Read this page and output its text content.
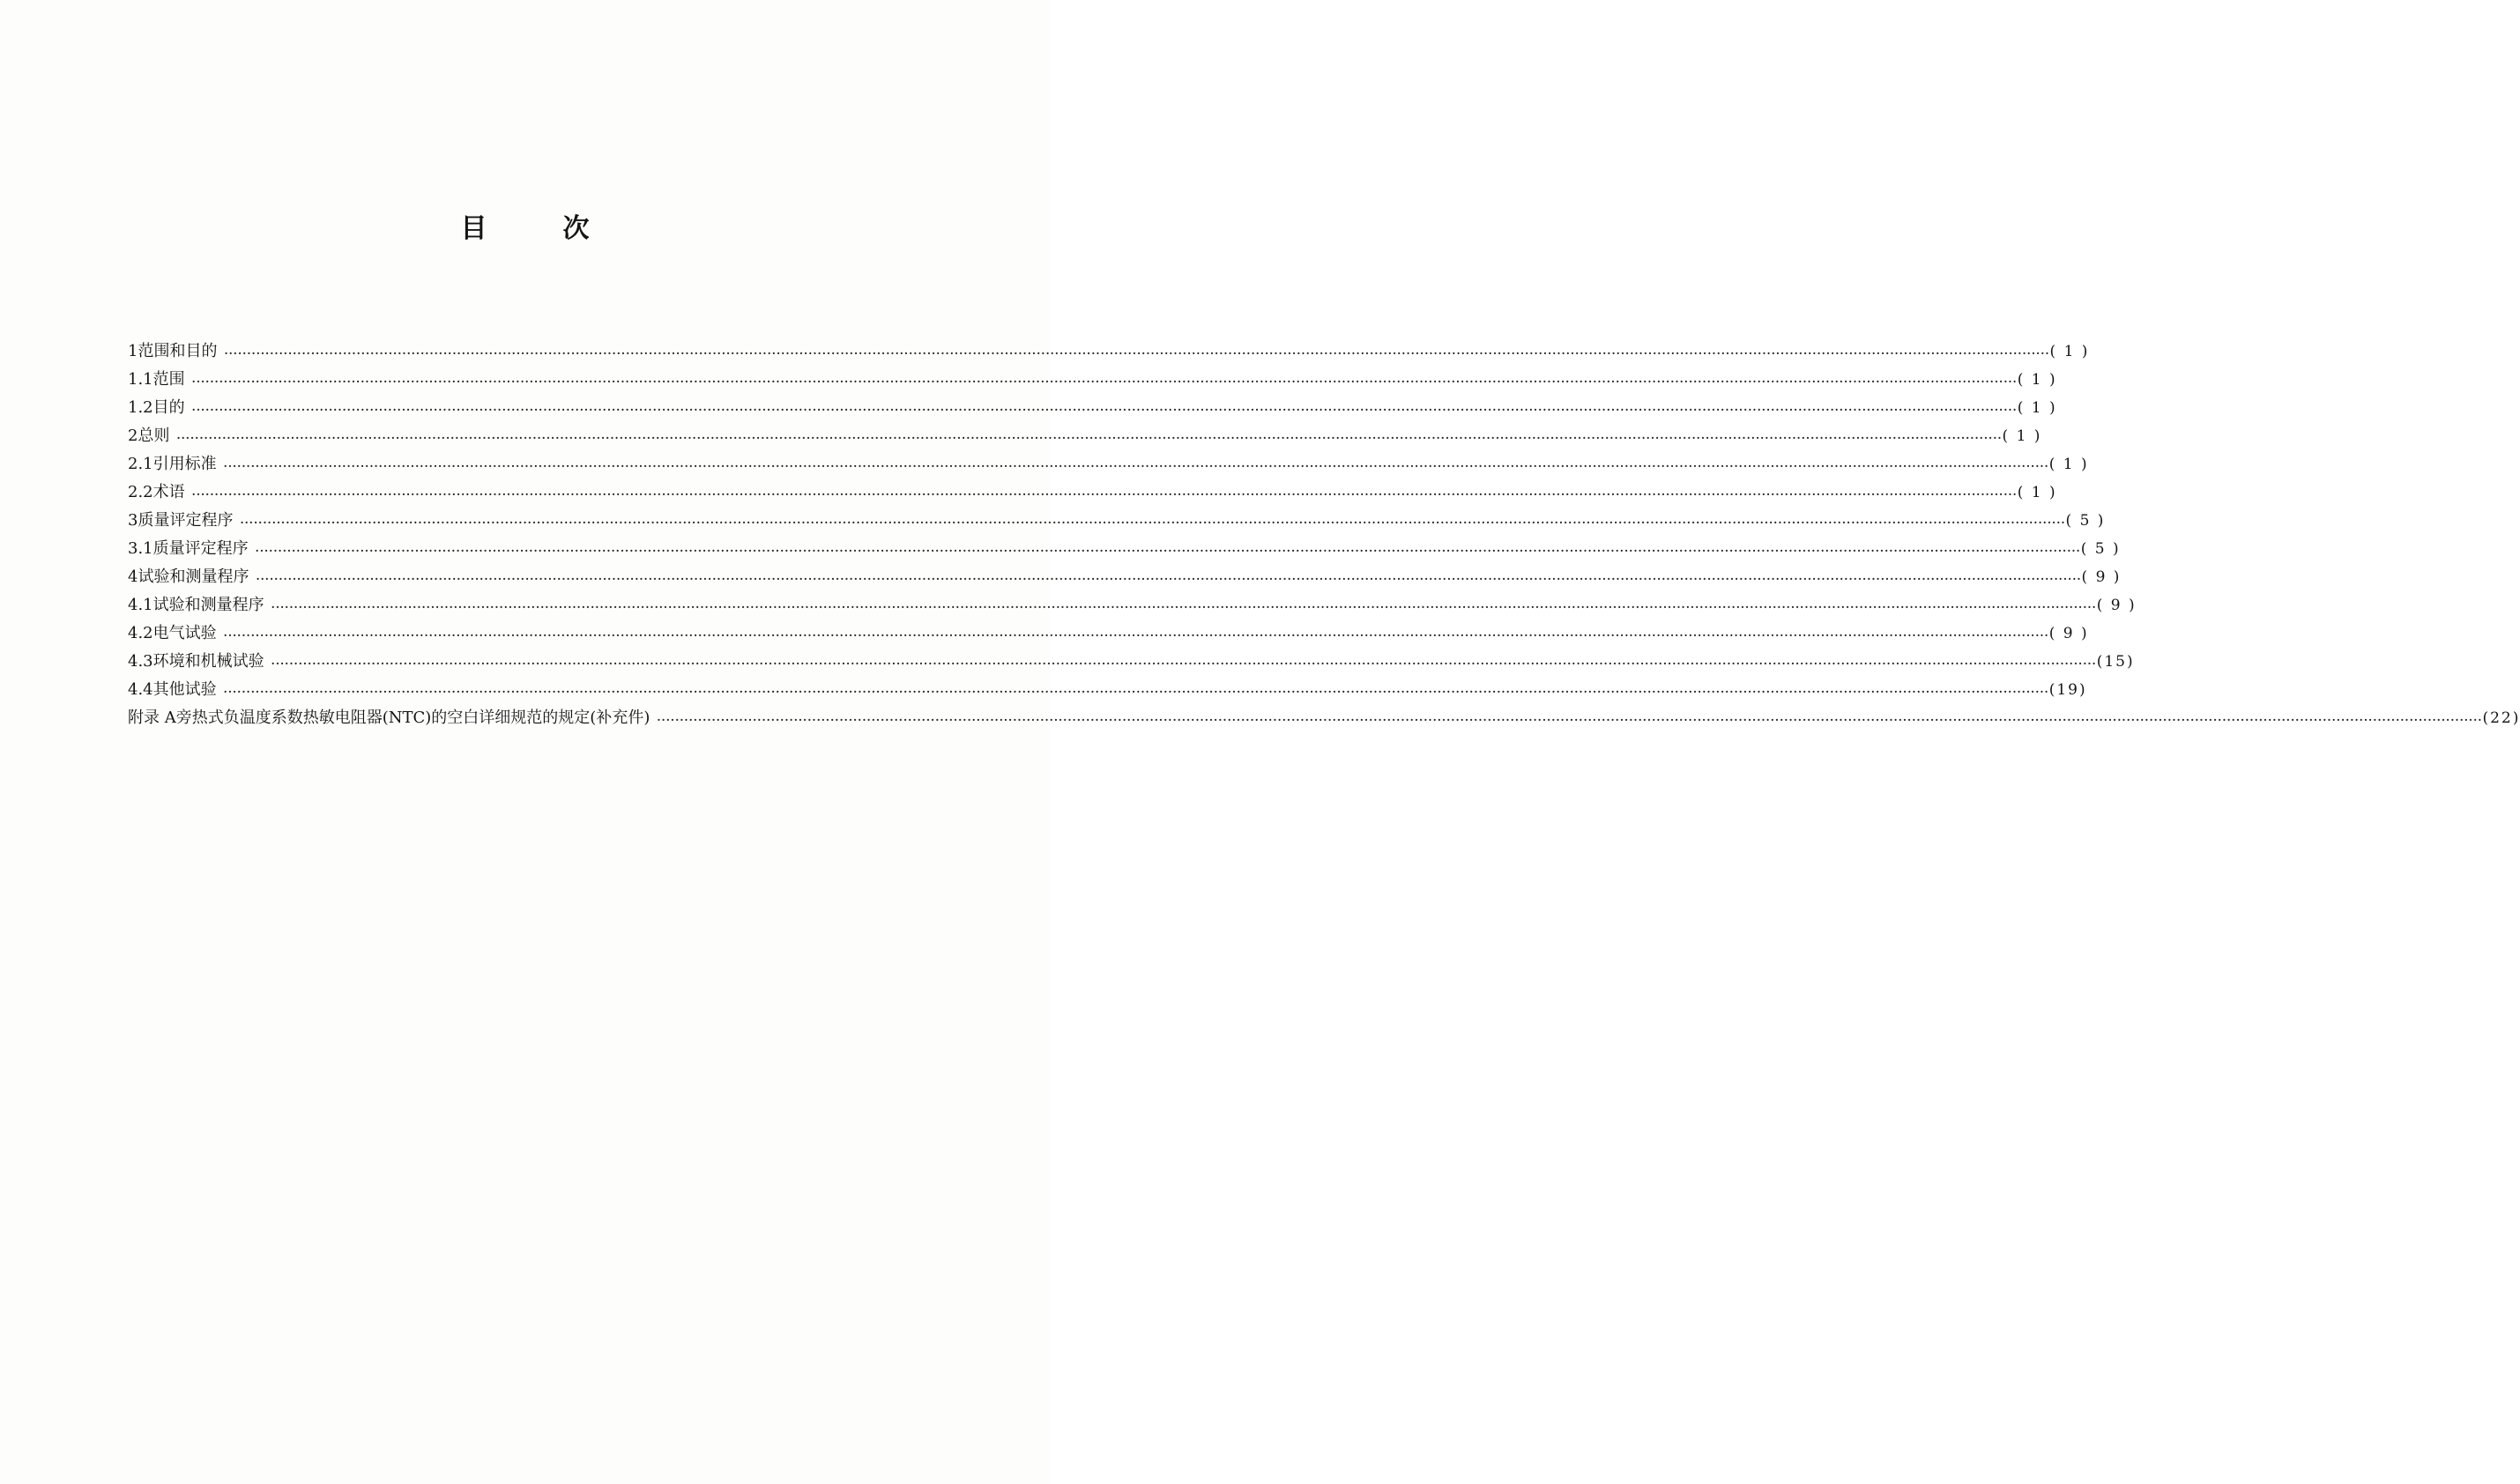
目	次
1 范围和目的 ················································································································································································································································································································································································································ ( 1 )
1.1 范围 ················································································································································································································································································································································································································ ( 1 )
1.2 目的 ················································································································································································································································································································································································································ ( 1 )
2 总则 ················································································································································································································································································································································································································ ( 1 )
2.1 引用标准 ················································································································································································································································································································································································································ ( 1 )
2.2 术语 ················································································································································································································································································································································································································ ( 1 )
3 质量评定程序 ················································································································································································································································································································································································································ ( 5 )
3.1 质量评定程序 ················································································································································································································································································································································································································ ( 5 )
4 试验和测量程序 ················································································································································································································································································································································································································ ( 9 )
4.1 试验和测量程序 ················································································································································································································································································································································································································ ( 9 )
4.2 电气试验 ················································································································································································································································································································································································································ ( 9 )
4.3 环境和机械试验 ················································································································································································································································································································································································································ (15)
4.4 其他试验 ················································································································································································································································································································································································································ (19)
附录 A 旁热式负温度系数热敏电阻器(NTC)的空白详细规范的规定(补充件) ················································································································································································································································································································································································································ (22)
